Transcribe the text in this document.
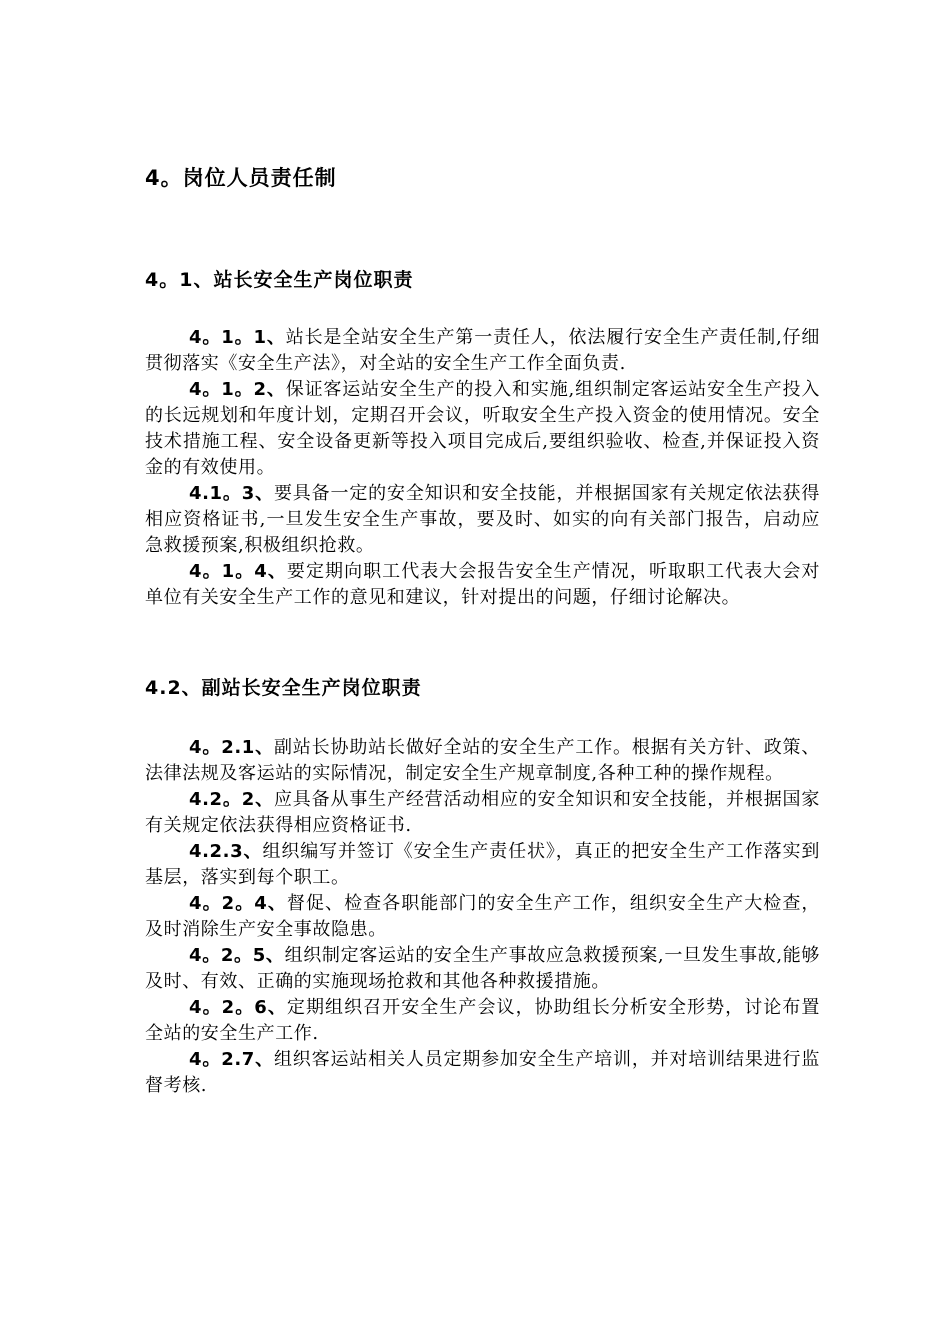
4。岗位人员责任制
4。1、站长安全生产岗位职责

4。1。1、站长是全站安全生产第一责任人，依法履行安全生产责任制,仔细贯彻落实《安全生产法》，对全站的安全生产工作全面负责.

4。1。2、保证客运站安全生产的投入和实施,组织制定客运站安全生产投入的长远规划和年度计划，定期召开会议，听取安全生产投入资金的使用情况。安全技术措施工程、安全设备更新等投入项目完成后,要组织验收、检查,并保证投入资金的有效使用。

4.1。3、要具备一定的安全知识和安全技能，并根据国家有关规定依法获得相应资格证书,一旦发生安全生产事故，要及时、如实的向有关部门报告，启动应急救援预案,积极组织抢救。

4。1。4、要定期向职工代表大会报告安全生产情况，听取职工代表大会对单位有关安全生产工作的意见和建议，针对提出的问题，仔细讨论解决。

4.2、副站长安全生产岗位职责

4。2.1、副站长协助站长做好全站的安全生产工作。根据有关方针、政策、法律法规及客运站的实际情况，制定安全生产规章制度,各种工种的操作规程。

4.2。2、应具备从事生产经营活动相应的安全知识和安全技能，并根据国家有关规定依法获得相应资格证书.

4.2.3、组织编写并签订《安全生产责任状》，真正的把安全生产工作落实到基层，落实到每个职工。

4。2。4、督促、检查各职能部门的安全生产工作，组织安全生产大检查，及时消除生产安全事故隐患。

4。2。5、组织制定客运站的安全生产事故应急救援预案,一旦发生事故,能够及时、有效、正确的实施现场抢救和其他各种救援措施。

4。2。6、定期组织召开安全生产会议，协助组长分析安全形势，讨论布置全站的安全生产工作.

4。2.7、组织客运站相关人员定期参加安全生产培训，并对培训结果进行监督考核.
